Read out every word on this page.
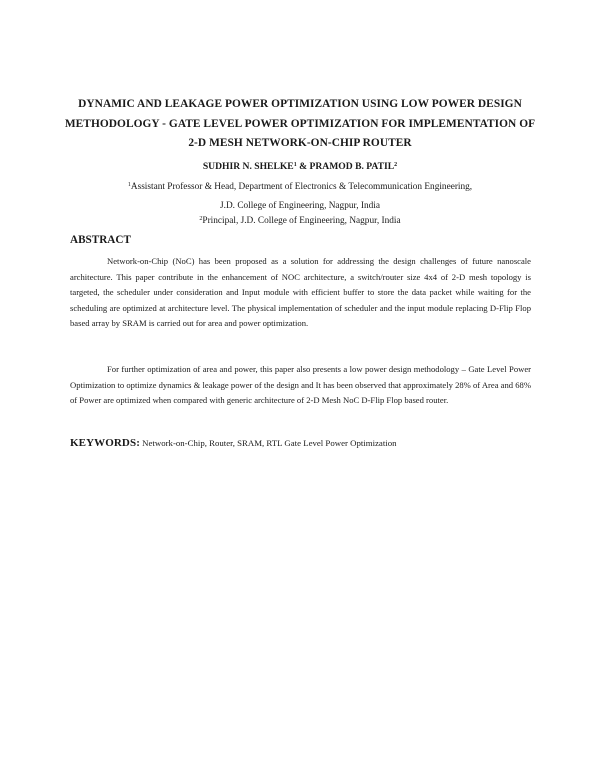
DYNAMIC AND LEAKAGE POWER OPTIMIZATION USING LOW POWER DESIGN METHODOLOGY - GATE LEVEL POWER OPTIMIZATION FOR IMPLEMENTATION OF 2-D MESH NETWORK-ON-CHIP ROUTER
SUDHIR N. SHELKE$^1$ & PRAMOD B. PATIL$^2$
$^1$Assistant Professor & Head, Department of Electronics & Telecommunication Engineering,
J.D. College of Engineering, Nagpur, India
$^2$Principal, J.D. College of Engineering, Nagpur, India
ABSTRACT
Network-on-Chip (NoC) has been proposed as a solution for addressing the design challenges of future nanoscale architecture. This paper contribute in the enhancement of NOC architecture, a switch/router size 4x4 of 2-D mesh topology is targeted, the scheduler under consideration and Input module with efficient buffer to store the data packet while waiting for the scheduling are optimized at architecture level. The physical implementation of scheduler and the input module replacing D-Flip Flop based array by SRAM is carried out for area and power optimization.
For further optimization of area and power, this paper also presents a low power design methodology – Gate Level Power Optimization to optimize dynamics & leakage power of the design and It has been observed that approximately 28% of Area and 68% of Power are optimized when compared with generic architecture of 2-D Mesh NoC D-Flip Flop based router.
KEYWORDS: Network-on-Chip, Router, SRAM, RTL Gate Level Power Optimization
